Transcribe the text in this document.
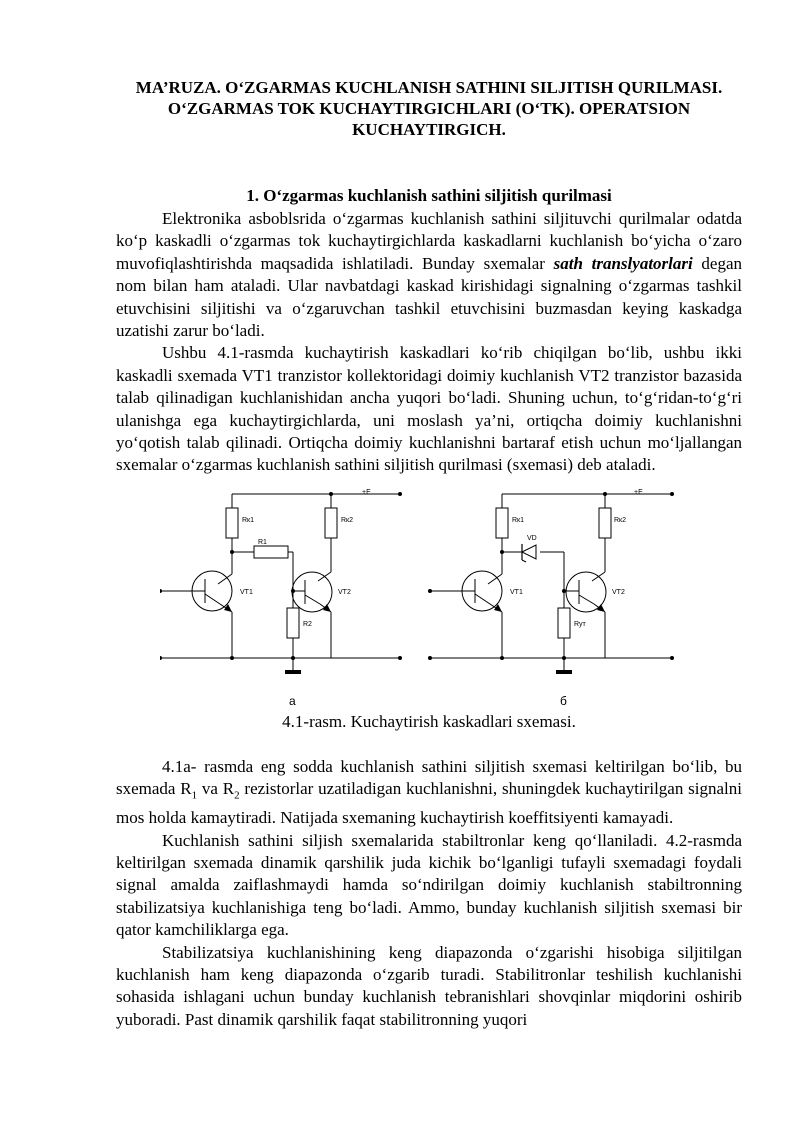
MA’RUZA. O‘ZGARMAS KUCHLANISH SATHINI SILJITISH QURILMASI. O‘ZGARMAS TOK KUCHAYTIRGICHLARI (O‘TK). OPERATSION KUCHAYTIRGICH.
1. O‘zgarmas kuchlanish sathini siljitish qurilmasi

Elektronika asboblsrida o‘zgarmas kuchlanish sathini siljituvchi qurilmalar odatda ko‘p kaskadli o‘zgarmas tok kuchaytirgichlarda kaskadlarni kuchlanish bo‘yicha o‘zaro muvofiqlashtirishda maqsadida ishlatiladi. Bunday sxemalar sath translyatorlari degan nom bilan ham ataladi. Ular navbatdagi kaskad kirishidagi signalning o‘zgarmas tashkil etuvchisini siljitishi va o‘zgaruvchan tashkil etuvchisini buzmasdan keying kaskadga uzatishi zarur bo‘ladi.

Ushbu 4.1-rasmda kuchaytirish kaskadlari ko‘rib chiqilgan bo‘lib, ushbu ikki kaskadli sxemada VT1 tranzistor kollektoridagi doimiy kuchlanish VT2 tranzistor bazasida talab qilinadigan kuchlanishidan ancha yuqori bo‘ladi. Shuning uchun, to‘g‘ridan-to‘g‘ri ulanishga ega kuchaytirgichlarda, uni moslash ya’ni, ortiqcha doimiy kuchlanishni yo‘qotish talab qilinadi. Ortiqcha doimiy kuchlanishni bartaraf etish uchun mo‘ljallangan sxemalar o‘zgarmas kuchlanish sathini siljitish qurilmasi (sxemasi) deb ataladi.

Rк1
R1
Rк2
VT1	VT2
R2
+E
-
а
Rк1
VD
Rк2
VT1	VT2
Rут
+E
-
б
4.1-rasm. Kuchaytirish kaskadlari sxemasi.

4.1a- rasmda eng sodda kuchlanish sathini siljitish sxemasi keltirilgan bo‘lib, bu sxemada $R_1$ va $R_2$ rezistorlar uzatiladigan kuchlanishni, shuningdek kuchaytirilgan signalni mos holda kamaytiradi. Natijada sxemaning kuchaytirish koeffitsiyenti kamayadi.

Kuchlanish sathini siljish sxemalarida stabiltronlar keng qo‘llaniladi. 4.2-rasmda keltirilgan sxemada dinamik qarshilik juda kichik bo‘lganligi tufayli sxemadagi foydali signal amalda zaiflashmaydi hamda so‘ndirilgan doimiy kuchlanish stabiltronning stabilizatsiya kuchlanishiga teng bo‘ladi. Ammo, bunday kuchlanish siljitish sxemasi bir qator kamchiliklarga ega.

Stabilizatsiya kuchlanishining keng diapazonda o‘zgarishi hisobiga siljitilgan kuchlanish ham keng diapazonda o‘zgarib turadi. Stabilitronlar teshilish kuchlanishi sohasida ishlagani uchun bunday kuchlanish tebranishlari shovqinlar miqdorini oshirib yuboradi. Past dinamik qarshilik faqat stabilitronning yuqori
